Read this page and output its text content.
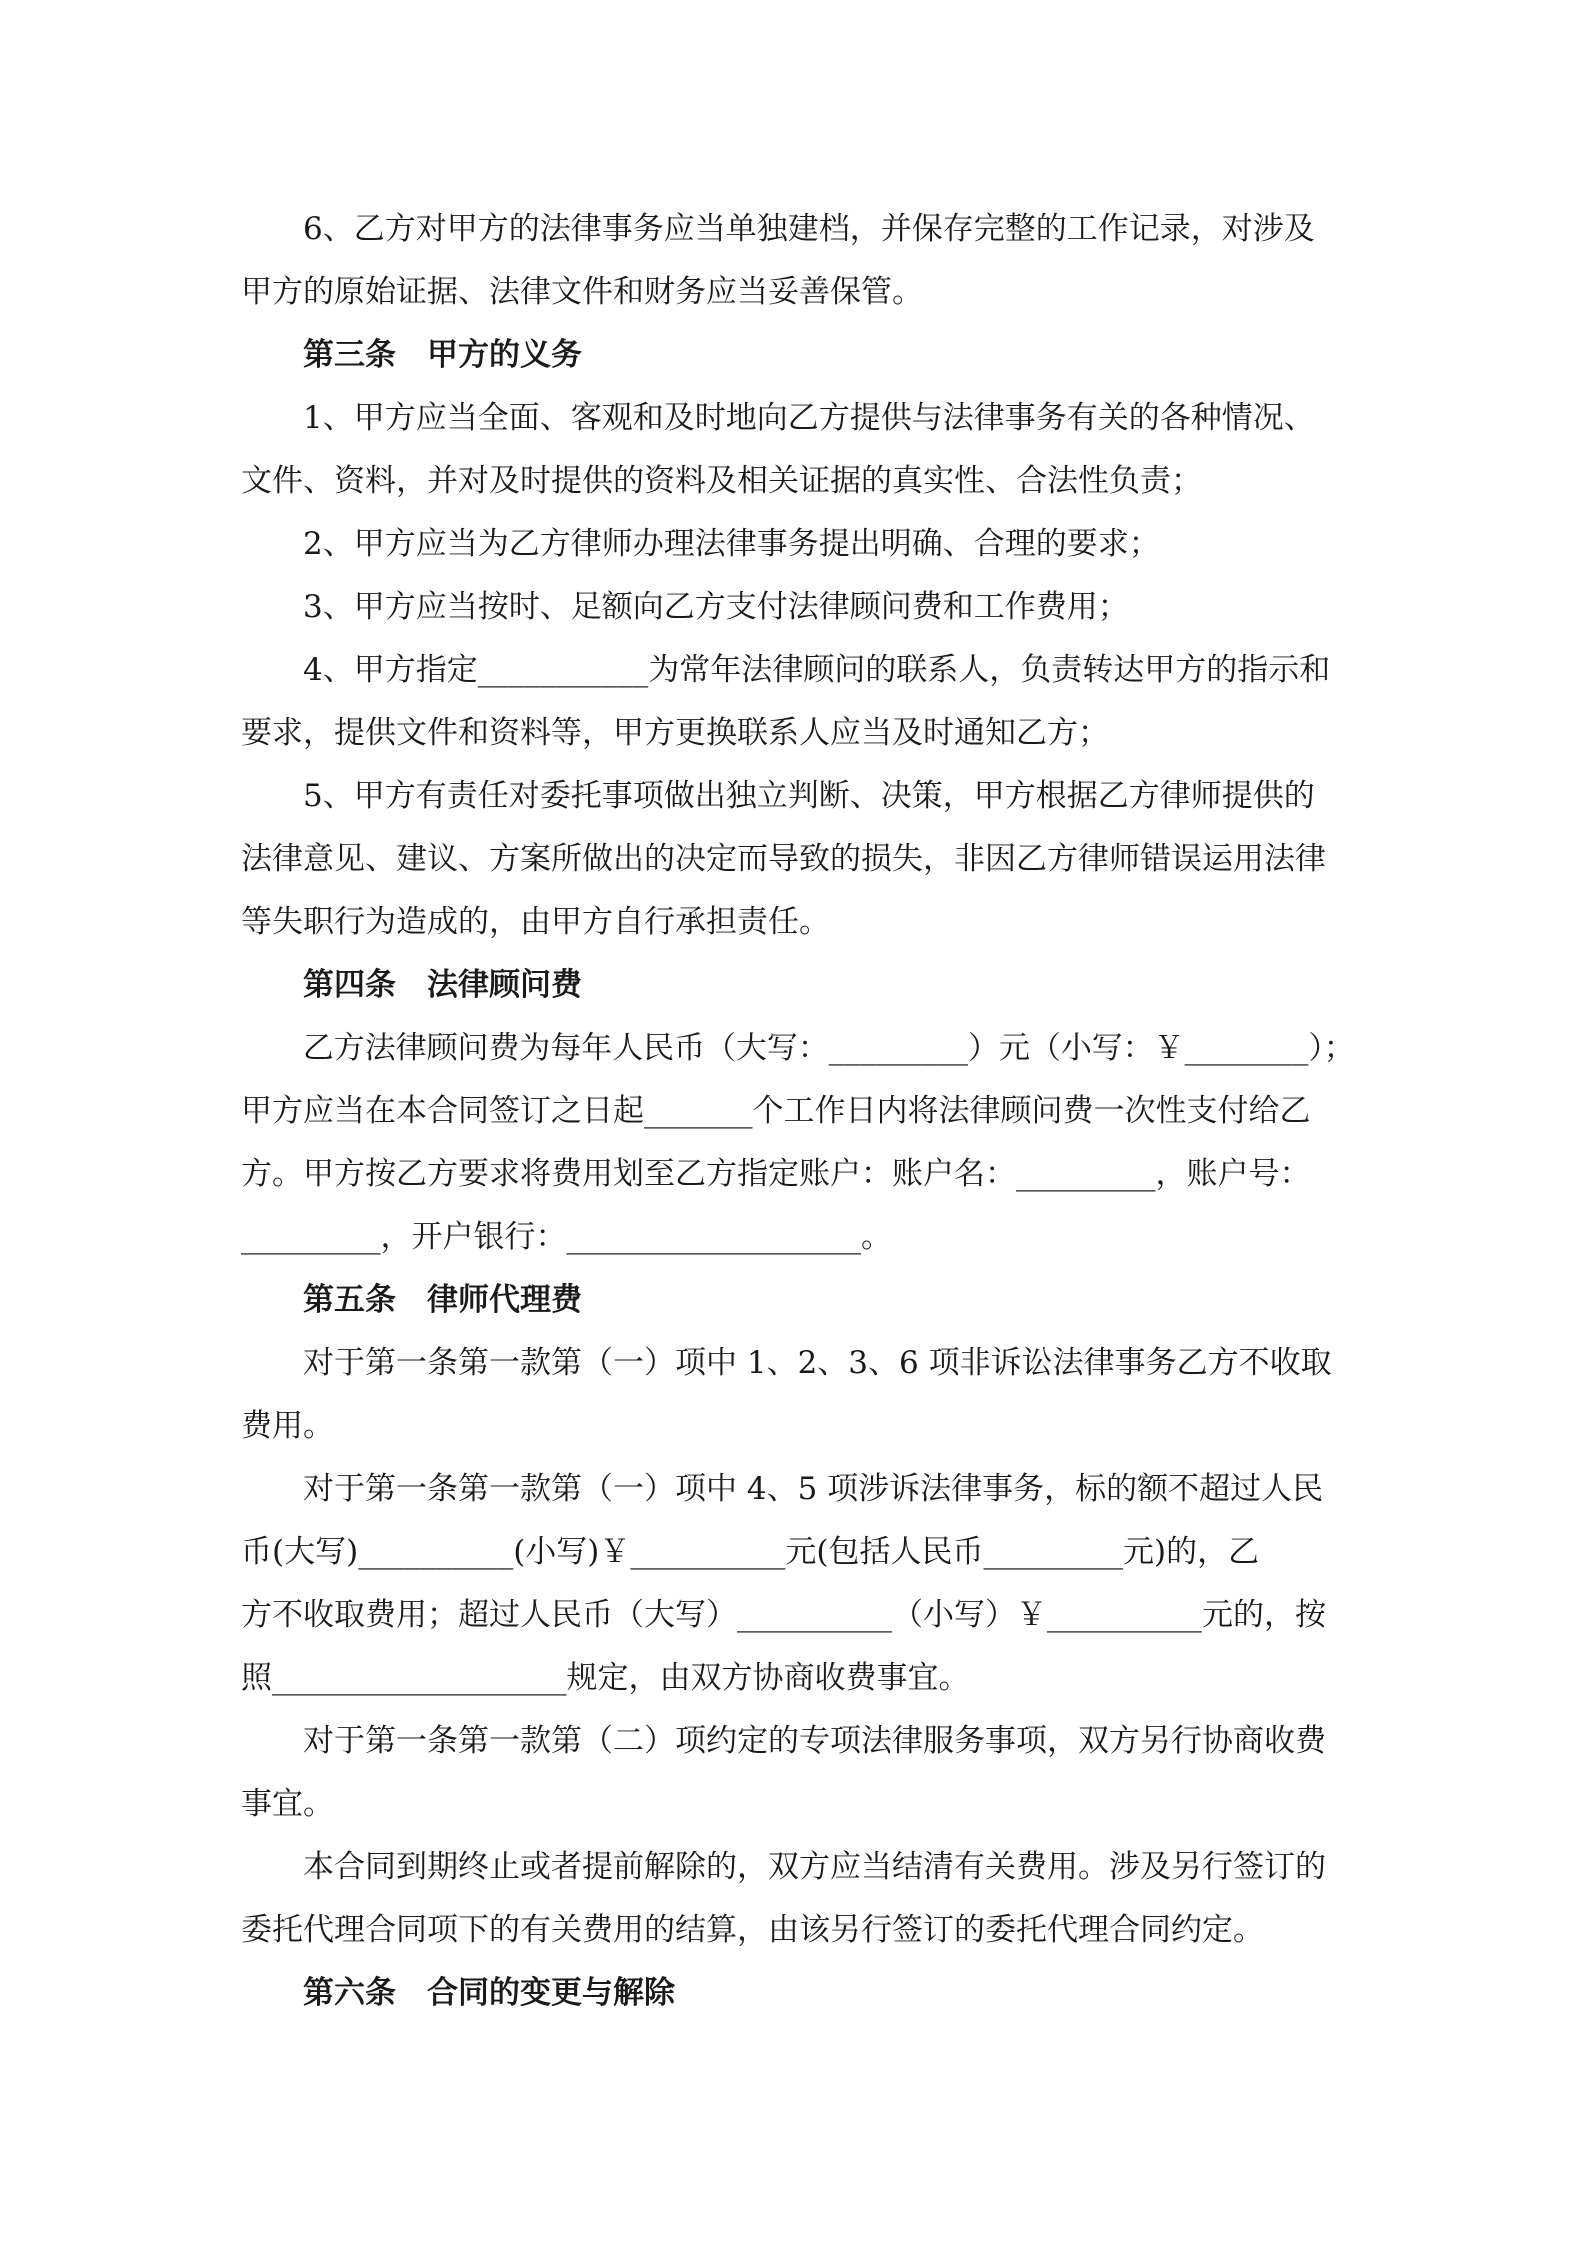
6、乙方对甲方的法律事务应当单独建档，并保存完整的工作记录，对涉及
甲方的原始证据、法律文件和财务应当妥善保管。

第三条　甲方的义务

1、甲方应当全面、客观和及时地向乙方提供与法律事务有关的各种情况、
文件、资料，并对及时提供的资料及相关证据的真实性、合法性负责；
2、甲方应当为乙方律师办理法律事务提出明确、合理的要求；
3、甲方应当按时、足额向乙方支付法律顾问费和工作费用；
4、甲方指定___________为常年法律顾问的联系人，负责转达甲方的指示和
要求，提供文件和资料等，甲方更换联系人应当及时通知乙方；
5、甲方有责任对委托事项做出独立判断、决策，甲方根据乙方律师提供的
法律意见、建议、方案所做出的决定而导致的损失，非因乙方律师错误运用法律
等失职行为造成的，由甲方自行承担责任。

第四条　法律顾问费

乙方法律顾问费为每年人民币（大写：_________）元（小写：￥________）；
甲方应当在本合同签订之日起_______个工作日内将法律顾问费一次性支付给乙
方。甲方按乙方要求将费用划至乙方指定账户：账户名：_________，账户号：
_________，开户银行：___________________。

第五条　律师代理费

对于第一条第一款第（一）项中 1、2、3、6 项非诉讼法律事务乙方不收取
费用。
对于第一条第一款第（一）项中 4、5 项涉诉法律事务，标的额不超过人民
币(大写)__________(小写)￥__________元(包括人民币_________元)的，乙
方不收取费用；超过人民币（大写）__________（小写）￥__________元的，按
照___________________规定，由双方协商收费事宜。
对于第一条第一款第（二）项约定的专项法律服务事项，双方另行协商收费
事宜。
本合同到期终止或者提前解除的，双方应当结清有关费用。涉及另行签订的
委托代理合同项下的有关费用的结算，由该另行签订的委托代理合同约定。

第六条　合同的变更与解除
